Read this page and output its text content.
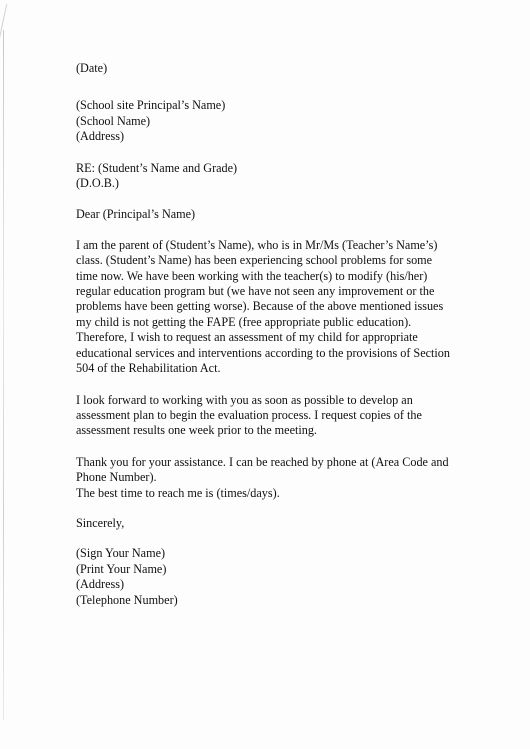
(Date)
(School site Principal’s Name)
(School Name)
(Address)
RE: (Student’s Name and Grade)
(D.O.B.)
Dear (Principal’s Name)
I am the parent of (Student’s Name), who is in Mr/Ms (Teacher’s Name’s)
class. (Student’s Name) has been experiencing school problems for some
time now. We have been working with the teacher(s) to modify (his/her)
regular education program but (we have not seen any improvement or the
problems have been getting worse). Because of the above mentioned issues
my child is not getting the FAPE (free appropriate public education).
Therefore, I wish to request an assessment of my child for appropriate
educational services and interventions according to the provisions of Section
504 of the Rehabilitation Act.
I look forward to working with you as soon as possible to develop an
assessment plan to begin the evaluation process. I request copies of the
assessment results one week prior to the meeting.
Thank you for your assistance. I can be reached by phone at (Area Code and
Phone Number).
The best time to reach me is (times/days).
Sincerely,
(Sign Your Name)
(Print Your Name)
(Address)
(Telephone Number)
